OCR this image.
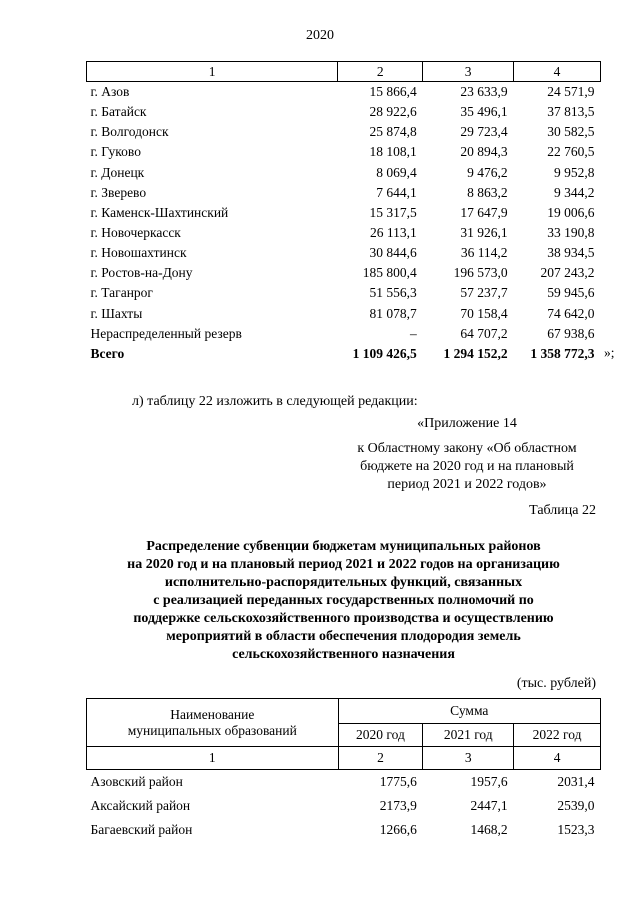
2020
1	2	3	4
г. Азов	15 866,4	23 633,9	24 571,9
г. Батайск	28 922,6	35 496,1	37 813,5
г. Волгодонск	25 874,8	29 723,4	30 582,5
г. Гуково	18 108,1	20 894,3	22 760,5
г. Донецк	8 069,4	9 476,2	9 952,8
г. Зверево	7 644,1	8 863,2	9 344,2
г. Каменск-Шахтинский	15 317,5	17 647,9	19 006,6
г. Новочеркасск	26 113,1	31 926,1	33 190,8
г. Новошахтинск	30 844,6	36 114,2	38 934,5
г. Ростов-на-Дону	185 800,4	196 573,0	207 243,2
г. Таганрог	51 556,3	57 237,7	59 945,6
г. Шахты	81 078,7	70 158,4	74 642,0
Нераспределенный резерв	–	64 707,2	67 938,6
Всего	1 109 426,5	1 294 152,2	1 358 772,3 »;
л) таблицу 22 изложить в следующей редакции:
«Приложение 14
к Областному закону «Об областном
бюджете на 2020 год и на плановый
период 2021 и 2022 годов»
Таблица 22
Распределение субвенции бюджетам муниципальных районов
на 2020 год и на плановый период 2021 и 2022 годов на организацию
исполнительно-распорядительных функций, связанных
с реализацией переданных государственных полномочий по
поддержке сельскохозяйственного производства и осуществлению
мероприятий в области обеспечения плодородия земель
сельскохозяйственного назначения
(тыс. рублей)
Наименование
муниципальных образований	Сумма		
	2020 год	2021 год	2022 год
1	2	3	4
Азовский район	1775,6	1957,6	2031,4
Аксайский район	2173,9	2447,1	2539,0
Багаевский район	1266,6	1468,2	1523,3
